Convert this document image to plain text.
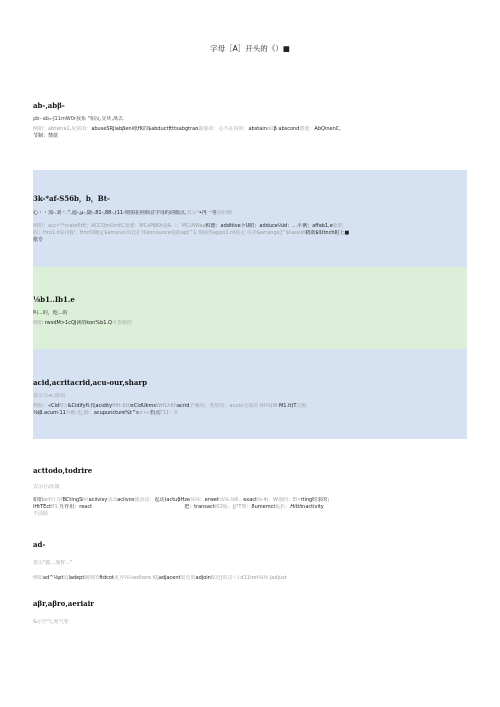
字母［A］开头的《）■
ab-,abβ-
ρb-·ab₃-J11mW0r我系 "相反,交环,离去.
例如：abtwna1,反常的：abuseSRJiabβeni纸fK的$abductftttsabgtraα抽象的：心不在焉的：abstainoUβ abscond潜逃：AbQinenC。
节制：禁欲
3k-*af-S56b，b，Bt-
心・・加-.刘・.",通-,μ-,随-,81-,88-,(11-则加在何倘音字母的词根点,表示"•冉一等加肝侧
例如：acc•**cratefltft；ACCQmUmtC加速：MCsPBKh漫&〔：MCUWIaa积德：additive卜U附：adduce⅛id：…平例；affab1,e象唱
的：Hro1.d采用配：HmtD确定$amsran出比扩知announce通报apt^1·快硕热appo1.nt指定·任命$arrange]^$tassist精助$lUtnch附上■
依专
⅛b1..Ib1.e
叫...的，他...的
例如 rwsdM>1cQJ读的kon%b1.Q可贺腹的
acid,acritacrid,acu-our,sharp
表示尖≪,限利
例如：«Cidf的:&CidifyfI.伎acidityffitt:Ktt≡CidUkmsWrfLhKhacrid辛辣的；类别的；acuto尖锐的 ttt⅛(W:M1.lt)T尖税
⅛iβ.acum·11½睡,也,操：acupuncture%t^s≡•∞豹点Γ11：V
acttodo,todrire
式示行动;敛
如如act行力fBCtingSi应aciivisy活动aciivos使活动：起动(actuβHze⅛⅛：erwet⅛⅛.⅛6：exact⅛·4i：W他的：El•rting时求的；
iHtTEctff1.互作用：react	把：transact移2版：JJ*T理：8umemct仮扒：Hittiinactivity
不活跃
ad-
表示"做...加胃..."
例如ad^⅛pt适ladept娴熟的ftdcot夜齐⅛⅛edhere.KlJadjacent如近的adjoin贴近|时击＜i d11iret⅛⅛ |adjust
aβr,aβro,aeriair
&示空气,充气等
